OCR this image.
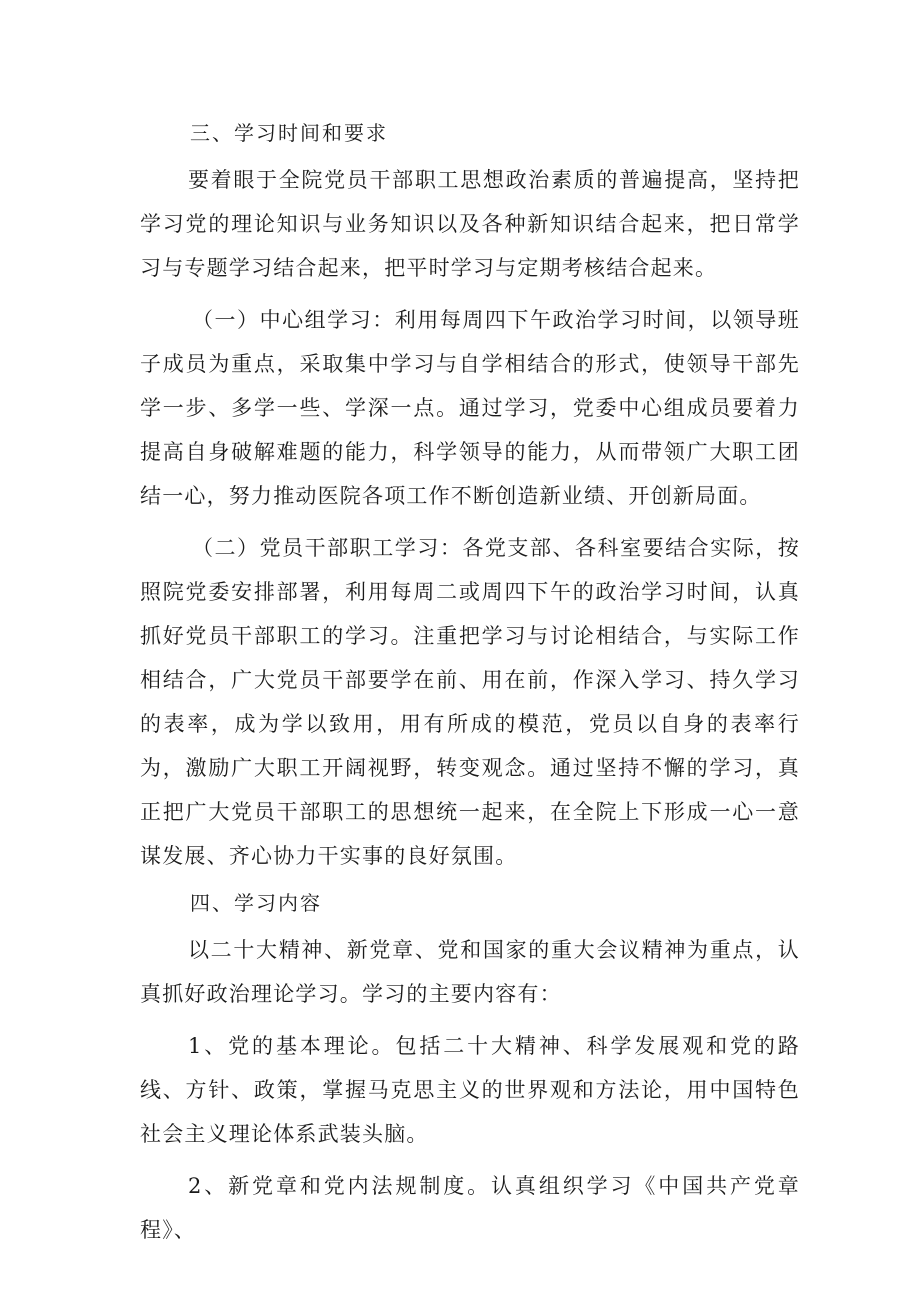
三、学习时间和要求

要着眼于全院党员干部职工思想政治素质的普遍提高，坚持把学习党的理论知识与业务知识以及各种新知识结合起来，把日常学习与专题学习结合起来，把平时学习与定期考核结合起来。

（一）中心组学习：利用每周四下午政治学习时间，以领导班子成员为重点，采取集中学习与自学相结合的形式，使领导干部先学一步、多学一些、学深一点。通过学习，党委中心组成员要着力提高自身破解难题的能力，科学领导的能力，从而带领广大职工团结一心，努力推动医院各项工作不断创造新业绩、开创新局面。

（二）党员干部职工学习：各党支部、各科室要结合实际，按照院党委安排部署，利用每周二或周四下午的政治学习时间，认真抓好党员干部职工的学习。注重把学习与讨论相结合，与实际工作相结合，广大党员干部要学在前、用在前，作深入学习、持久学习的表率，成为学以致用，用有所成的模范，党员以自身的表率行为，激励广大职工开阔视野，转变观念。通过坚持不懈的学习，真正把广大党员干部职工的思想统一起来，在全院上下形成一心一意谋发展、齐心协力干实事的良好氛围。

四、学习内容

以二十大精神、新党章、党和国家的重大会议精神为重点，认真抓好政治理论学习。学习的主要内容有：

1、党的基本理论。包括二十大精神、科学发展观和党的路线、方针、政策，掌握马克思主义的世界观和方法论，用中国特色社会主义理论体系武装头脑。

2、新党章和党内法规制度。认真组织学习《中国共产党章程》、
